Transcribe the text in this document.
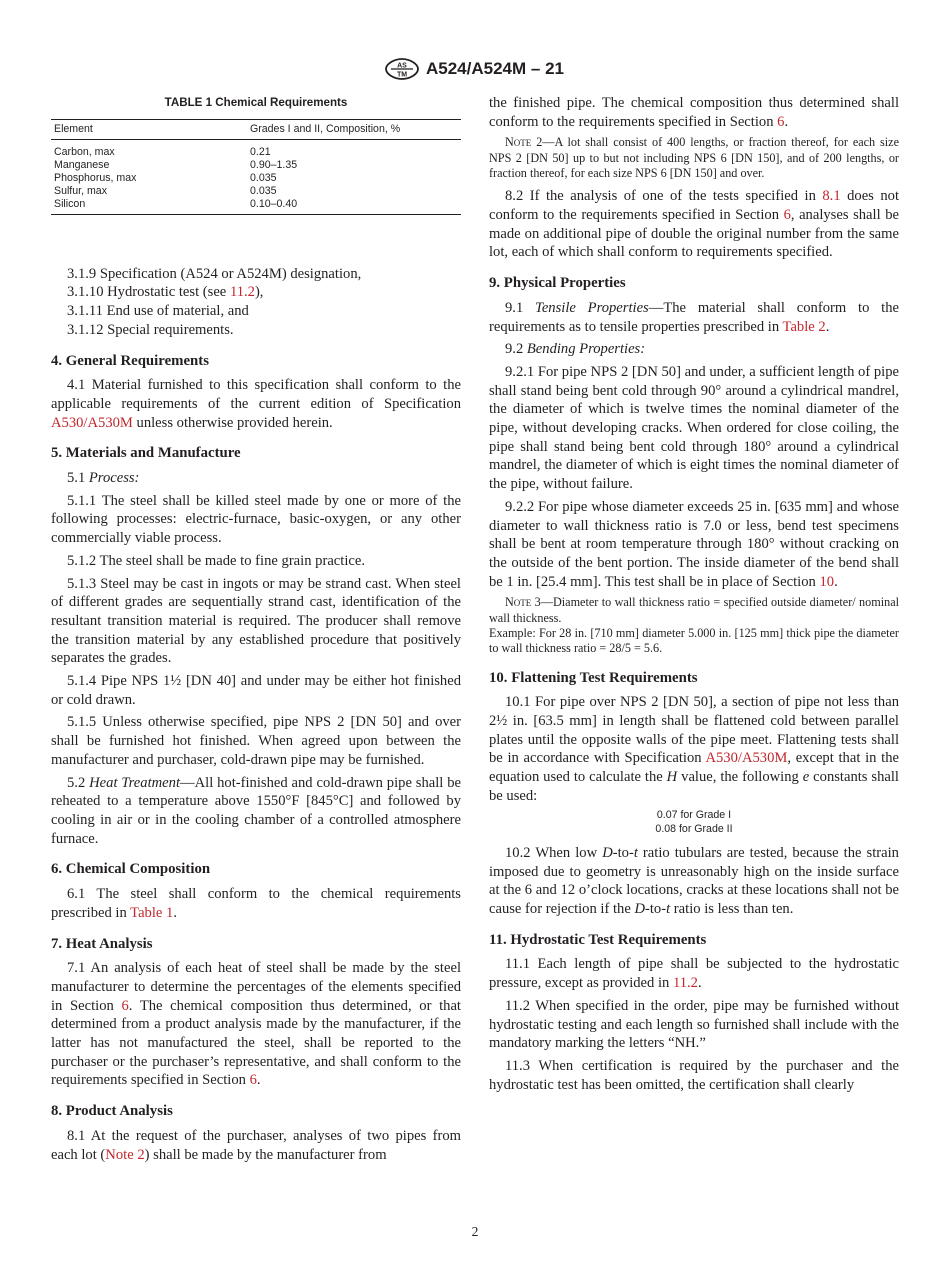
AS
TM A524/A524M – 21
TABLE 1 Chemical Requirements
Element	Grades I and II, Composition, %
Carbon, max	0.21
Manganese	0.90–1.35
Phosphorus, max	0.035
Sulfur, max	0.035
Silicon	0.10–0.40
3.1.9 Specification (A524 or A524M) designation,
3.1.10 Hydrostatic test (see 11.2),
3.1.11 End use of material, and
3.1.12 Special requirements.
4. General Requirements

4.1 Material furnished to this specification shall conform to the applicable requirements of the current edition of Specification A530/A530M unless otherwise provided herein.

5. Materials and Manufacture

5.1 Process:

5.1.1 The steel shall be killed steel made by one or more of the following processes: electric-furnace, basic-oxygen, or any other commercially viable process.

5.1.2 The steel shall be made to fine grain practice.

5.1.3 Steel may be cast in ingots or may be strand cast. When steel of different grades are sequentially strand cast, identification of the resultant transition material is required. The producer shall remove the transition material by any established procedure that positively separates the grades.

5.1.4 Pipe NPS 1½ [DN 40] and under may be either hot finished or cold drawn.

5.1.5 Unless otherwise specified, pipe NPS 2 [DN 50] and over shall be furnished hot finished. When agreed upon between the manufacturer and purchaser, cold-drawn pipe may be furnished.

5.2 Heat Treatment—All hot-finished and cold-drawn pipe shall be reheated to a temperature above 1550°F [845°C] and followed by cooling in air or in the cooling chamber of a controlled atmosphere furnace.

6. Chemical Composition

6.1 The steel shall conform to the chemical requirements prescribed in Table 1.

7. Heat Analysis

7.1 An analysis of each heat of steel shall be made by the steel manufacturer to determine the percentages of the elements specified in Section 6. The chemical composition thus determined, or that determined from a product analysis made by the manufacturer, if the latter has not manufactured the steel, shall be reported to the purchaser or the purchaser’s representative, and shall conform to the requirements specified in Section 6.

8. Product Analysis

8.1 At the request of the purchaser, analyses of two pipes from each lot (Note 2) shall be made by the manufacturer from

the finished pipe. The chemical composition thus determined shall conform to the requirements specified in Section 6.

Note 2—A lot shall consist of 400 lengths, or fraction thereof, for each size NPS 2 [DN 50] up to but not including NPS 6 [DN 150], and of 200 lengths, or fraction thereof, for each size NPS 6 [DN 150] and over.

8.2 If the analysis of one of the tests specified in 8.1 does not conform to the requirements specified in Section 6, analyses shall be made on additional pipe of double the original number from the same lot, each of which shall conform to requirements specified.

9. Physical Properties

9.1 Tensile Properties—The material shall conform to the requirements as to tensile properties prescribed in Table 2.

9.2 Bending Properties:

9.2.1 For pipe NPS 2 [DN 50] and under, a sufficient length of pipe shall stand being bent cold through 90° around a cylindrical mandrel, the diameter of which is twelve times the nominal diameter of the pipe, without developing cracks. When ordered for close coiling, the pipe shall stand being bent cold through 180° around a cylindrical mandrel, the diameter of which is eight times the nominal diameter of the pipe, without failure.

9.2.2 For pipe whose diameter exceeds 25 in. [635 mm] and whose diameter to wall thickness ratio is 7.0 or less, bend test specimens shall be bent at room temperature through 180° without cracking on the outside of the bent portion. The inside diameter of the bend shall be 1 in. [25.4 mm]. This test shall be in place of Section 10.

Note 3—Diameter to wall thickness ratio = specified outside diameter/ nominal wall thickness.

Example: For 28 in. [710 mm] diameter 5.000 in. [125 mm] thick pipe the diameter to wall thickness ratio = 28/5 = 5.6.

10. Flattening Test Requirements

10.1 For pipe over NPS 2 [DN 50], a section of pipe not less than 2½ in. [63.5 mm] in length shall be flattened cold between parallel plates until the opposite walls of the pipe meet. Flattening tests shall be in accordance with Specification A530/A530M, except that in the equation used to calculate the H value, the following e constants shall be used:

0.07 for Grade I
0.08 for Grade II

10.2 When low D-to-t ratio tubulars are tested, because the strain imposed due to geometry is unreasonably high on the inside surface at the 6 and 12 o’clock locations, cracks at these locations shall not be cause for rejection if the D-to-t ratio is less than ten.

11. Hydrostatic Test Requirements

11.1 Each length of pipe shall be subjected to the hydrostatic pressure, except as provided in 11.2.

11.2 When specified in the order, pipe may be furnished without hydrostatic testing and each length so furnished shall include with the mandatory marking the letters “NH.”

11.3 When certification is required by the purchaser and the hydrostatic test has been omitted, the certification shall clearly

2
